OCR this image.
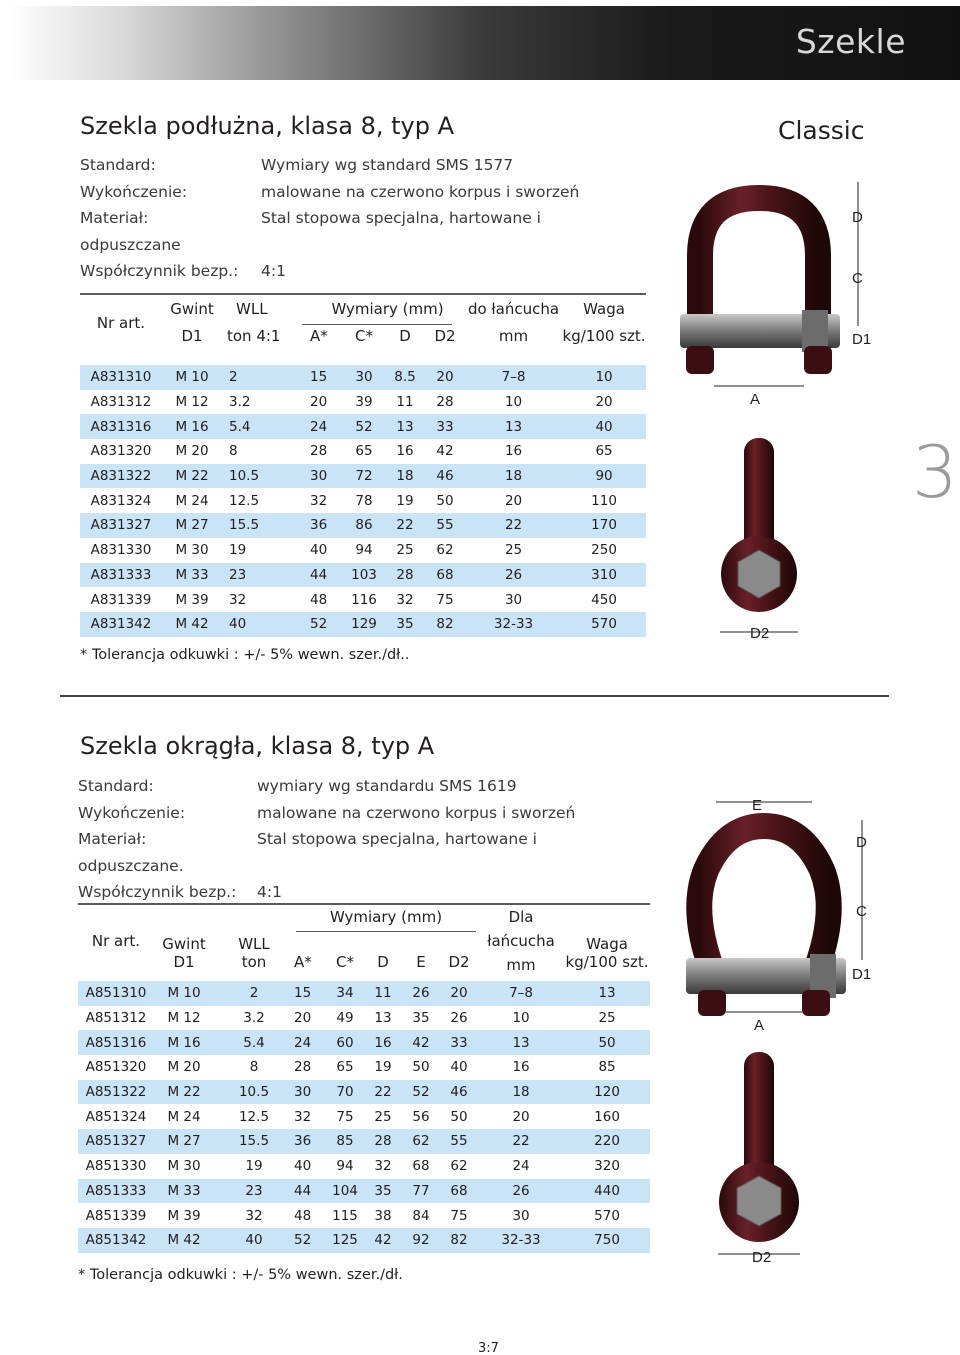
Szekle
Classic
3
Szekla podłużna, klasa 8, typ A
Standard:	Wymiary wg standard SMS 1577
Wykończenie:	malowane na czerwono korpus i sworzeń
Materiał:	Stal stopowa specjalna, hartowane i
odpuszczane
Współczynnik bezp.: 4:1
Nr art.	Gwint	WLL	Wymiary (mm)				do łańcucha	Waga
	D1	ton 4:1	A*	C*	D	D2	mm	kg/100 szt.

A831310	M 10	2	15	30	8.5	20	7–8	10
A831312	M 12	3.2	20	39	11	28	10	20
A831316	M 16	5.4	24	52	13	33	13	40
A831320	M 20	8	28	65	16	42	16	65
A831322	M 22	10.5	30	72	18	46	18	90
A831324	M 24	12.5	32	78	19	50	20	110
A831327	M 27	15.5	36	86	22	55	22	170
A831330	M 30	19	40	94	25	62	25	250
A831333	M 33	23	44	103	28	68	26	310
A831339	M 39	32	48	116	32	75	30	450
A831342	M 42	40	52	129	35	82	32-33	570
* Tolerancja odkuwki : +/- 5% wewn. szer./dł..
D
C
D1
A
D2
Szekla okrągła, klasa 8, typ A
Standard:	wymiary wg standardu SMS 1619
Wykończenie:	malowane na czerwono korpus i sworzeń
Materiał:	Stal stopowa specjalna, hartowane i
odpuszczane.
Współczynnik bezp.: 4:1
Nr art.	Gwint	WLL	Wymiary (mm)					Dla	Waga
								łańcucha	
	D1	ton	A*	C*	D	E	D2	mm	kg/100 szt.

A851310	M 10	2	15	34	11	26	20	7–8	13
A851312	M 12	3.2	20	49	13	35	26	10	25
A851316	M 16	5.4	24	60	16	42	33	13	50
A851320	M 20	8	28	65	19	50	40	16	85
A851322	M 22	10.5	30	70	22	52	46	18	120
A851324	M 24	12.5	32	75	25	56	50	20	160
A851327	M 27	15.5	36	85	28	62	55	22	220
A851330	M 30	19	40	94	32	68	62	24	320
A851333	M 33	23	44	104	35	77	68	26	440
A851339	M 39	32	48	115	38	84	75	30	570
A851342	M 42	40	52	125	42	92	82	32-33	750
* Tolerancja odkuwki : +/- 5% wewn. szer./dł.
E
D
C
D1
A
D2
3:7
